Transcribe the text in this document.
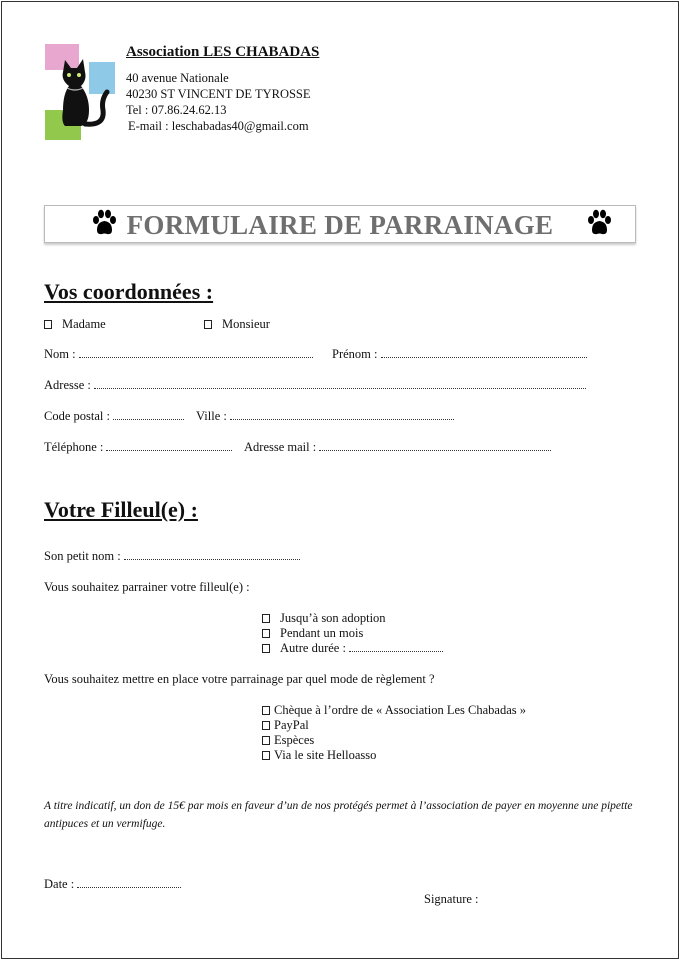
Association LES CHABADAS
40 avenue Nationale
40230 ST VINCENT DE TYROSSE
Tel : 07.86.24.62.13
E-mail : leschabadas40@gmail.com
FORMULAIRE DE PARRAINAGE
Vos coordonnées :
Madame	Monsieur
Nom :	Prénom :
Adresse :
Code postal :	Ville :
Téléphone :	Adresse mail :
Votre Filleul(e) :
Son petit nom :
Vous souhaitez parrainer votre filleul(e) :
Jusqu’à son adoption
Pendant un mois
Autre durée :
Vous souhaitez mettre en place votre parrainage par quel mode de règlement ?
Chèque à l’ordre de « Association Les Chabadas »
PayPal
Espèces
Via le site Helloasso
A titre indicatif, un don de 15€ par mois en faveur d’un de nos protégés permet à l’association de payer en moyenne une pipette antipuces et un vermifuge.
Date :
Signature :
